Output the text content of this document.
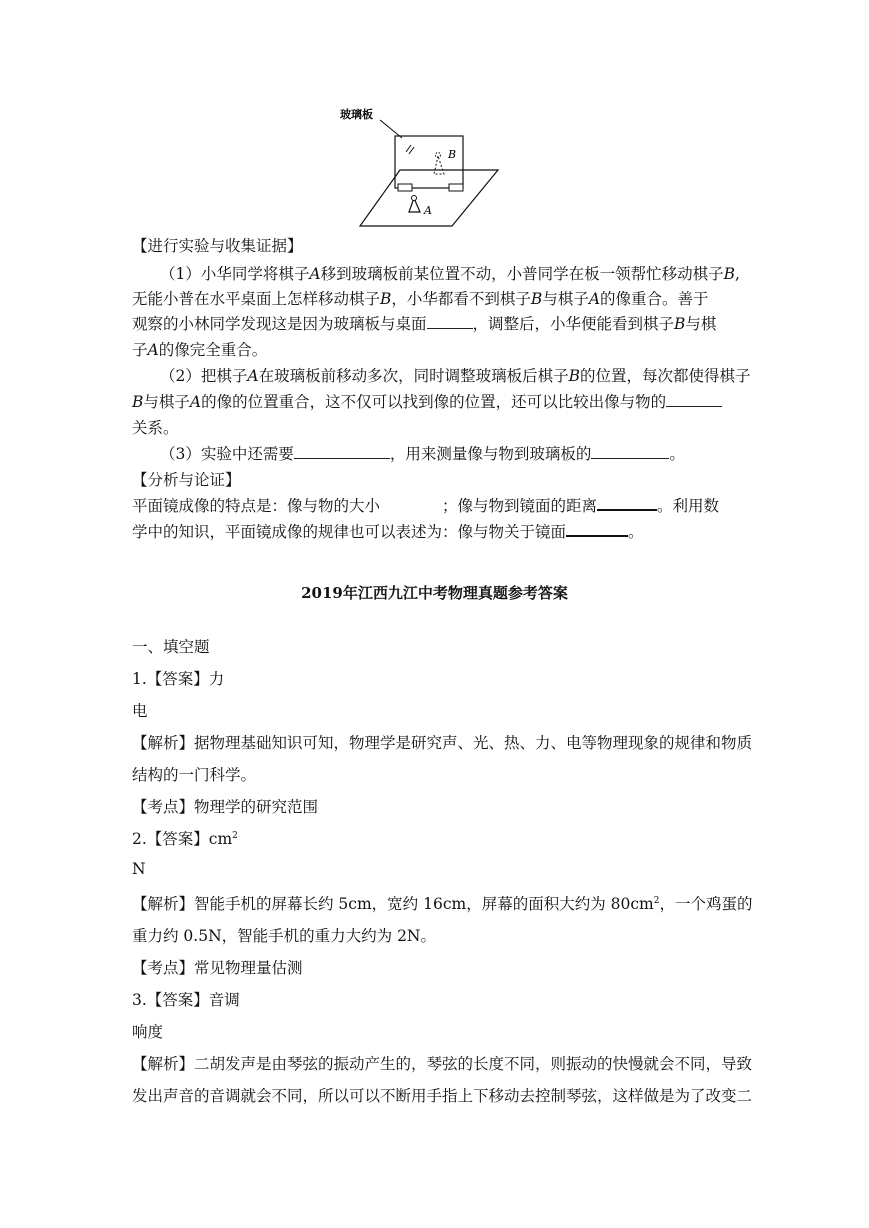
玻璃板
B
A
【进行实验与收集证据】
（1）小华同学将棋子A移到玻璃板前某位置不动，小普同学在板一领帮忙移动棋子B,
无能小普在水平桌面上怎样移动棋子B，小华都看不到棋子B与棋子A的像重合。善于
观察的小林同学发现这是因为玻璃板与桌面	，调整后，小华便能看到棋子B与棋
子A的像完全重合。
（2）把棋子A在玻璃板前移动多次，同时调整玻璃板后棋子B的位置，每次都使得棋子
B与棋子A的像的位置重合，这不仅可以找到像的位置，还可以比较出像与物的
关系。
（3）实验中还需要	，用来测量像与物到玻璃板的	。
【分析与论证】
平面镜成像的特点是：像与物的大小	；像与物到镜面的距离	。利用数
学中的知识，平面镜成像的规律也可以表述为：像与物关于镜面	。
2019年江西九江中考物理真题参考答案
一、填空题
1.【答案】力
电
【解析】据物理基础知识可知，物理学是研究声、光、热、力、电等物理现象的规律和物质
结构的一门科学。
【考点】物理学的研究范围
2.【答案】$cm^2$
N
【解析】智能手机的屏幕长约 5cm，宽约 16cm，屏幕的面积大约为 $80cm^2$，一个鸡蛋的
重力约 0.5N，智能手机的重力大约为 2N。
【考点】常见物理量估测
3.【答案】音调
响度
【解析】二胡发声是由琴弦的振动产生的，琴弦的长度不同，则振动的快慢就会不同，导致
发出声音的音调就会不同，所以可以不断用手指上下移动去控制琴弦，这样做是为了改变二
